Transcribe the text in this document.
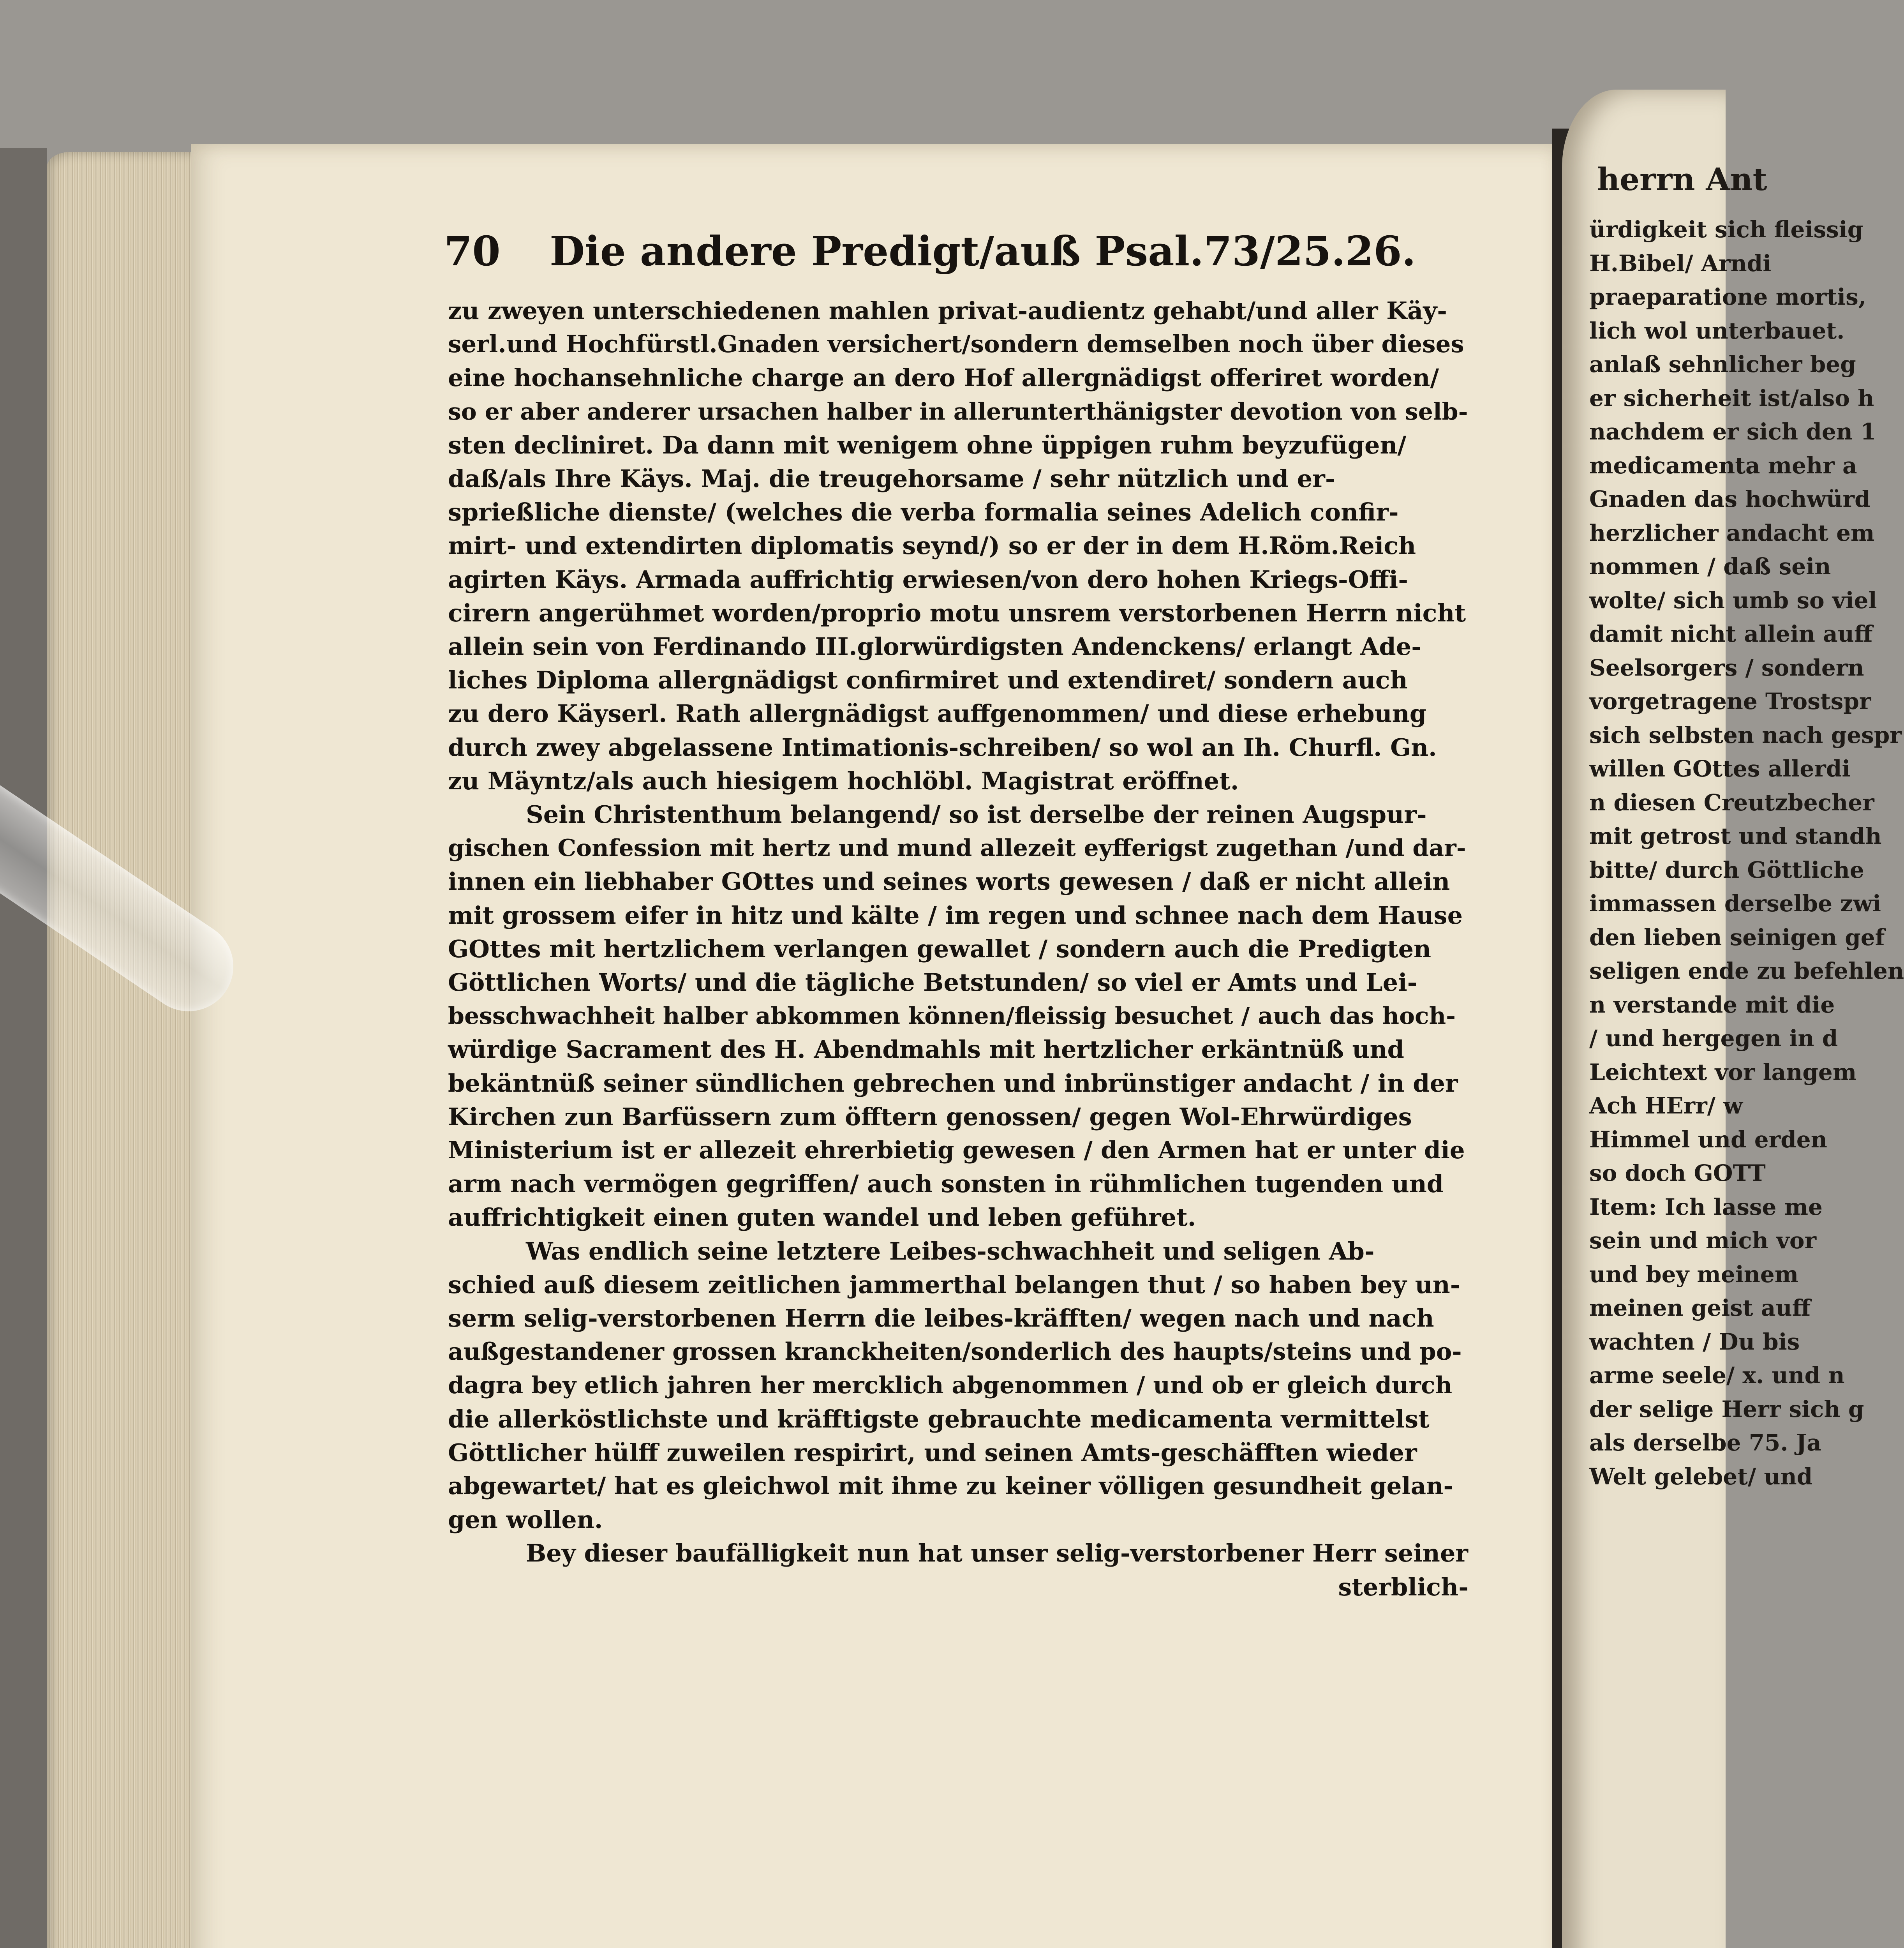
herrn Ant
ürdigkeit sich fleissig
H.Bibel/ Arndi
praeparatione mortis,
lich wol unterbauet.
anlaß sehnlicher beg
er sicherheit ist/also h
nachdem er sich den 1
medicamenta mehr a
Gnaden das hochwürd
herzlicher andacht em
nommen / daß sein
wolte/ sich umb so viel
damit nicht allein auff
Seelsorgers / sondern
vorgetragene Trostspr
sich selbsten nach gespr
willen GOttes allerdi
n diesen Creutzbecher
mit getrost und standh
bitte/ durch Göttliche
immassen derselbe zwi
den lieben seinigen gef
seligen ende zu befehlen
n verstande mit die
/ und hergegen in d
Leichtext vor langem
Ach HErr/ w
Himmel und erden
so doch GOTT
Item: Ich lasse me
sein und mich vor
und bey meinem
meinen geist auff
wachten / Du bis
arme seele/ x. und n
der selige Herr sich g
als derselbe 75. Ja
Welt gelebet/ und
70 Die andere Predigt/auß Psal.73/25.26.
zu zweyen unterschiedenen mahlen privat-audientz gehabt/und aller Käy-
serl.und Hochfürstl.Gnaden versichert/sondern demselben noch über dieses
eine hochansehnliche charge an dero Hof allergnädigst offeriret worden/
so er aber anderer ursachen halber in allerunterthänigster devotion von selb-
sten decliniret. Da dann mit wenigem ohne üppigen ruhm beyzufügen/
daß/als Ihre Käys. Maj. die treugehorsame / sehr nützlich und er-
sprießliche dienste/ (welches die verba formalia seines Adelich confir-
mirt- und extendirten diplomatis seynd/) so er der in dem H.Röm.Reich
agirten Käys. Armada auffrichtig erwiesen/von dero hohen Kriegs-Offi-
cirern angerühmet worden/proprio motu unsrem verstorbenen Herrn nicht
allein sein von Ferdinando III.glorwürdigsten Andenckens/ erlangt Ade-
liches Diploma allergnädigst confirmiret und extendiret/ sondern auch
zu dero Käyserl. Rath allergnädigst auffgenommen/ und diese erhebung
durch zwey abgelassene Intimationis-schreiben/ so wol an Ih. Churfl. Gn.
zu Mäyntz/als auch hiesigem hochlöbl. Magistrat eröffnet.
Sein Christenthum belangend/ so ist derselbe der reinen Augspur-
gischen Confession mit hertz und mund allezeit eyfferigst zugethan /und dar-
innen ein liebhaber GOttes und seines worts gewesen / daß er nicht allein
mit grossem eifer in hitz und kälte / im regen und schnee nach dem Hause
GOttes mit hertzlichem verlangen gewallet / sondern auch die Predigten
Göttlichen Worts/ und die tägliche Betstunden/ so viel er Amts und Lei-
besschwachheit halber abkommen können/fleissig besuchet / auch das hoch-
würdige Sacrament des H. Abendmahls mit hertzlicher erkäntnüß und
bekäntnüß seiner sündlichen gebrechen und inbrünstiger andacht / in der
Kirchen zun Barfüssern zum öfftern genossen/ gegen Wol-Ehrwürdiges
Ministerium ist er allezeit ehrerbietig gewesen / den Armen hat er unter die
arm nach vermögen gegriffen/ auch sonsten in rühmlichen tugenden und
auffrichtigkeit einen guten wandel und leben geführet.
Was endlich seine letztere Leibes-schwachheit und seligen Ab-
schied auß diesem zeitlichen jammerthal belangen thut / so haben bey un-
serm selig-verstorbenen Herrn die leibes-kräfften/ wegen nach und nach
außgestandener grossen kranckheiten/sonderlich des haupts/steins und po-
dagra bey etlich jahren her mercklich abgenommen / und ob er gleich durch
die allerköstlichste und kräfftigste gebrauchte medicamenta vermittelst
Göttlicher hülff zuweilen respirirt, und seinen Amts-geschäfften wieder
abgewartet/ hat es gleichwol mit ihme zu keiner völligen gesundheit gelan-
gen wollen.
Bey dieser baufälligkeit nun hat unser selig-verstorbener Herr seiner
sterblich-
